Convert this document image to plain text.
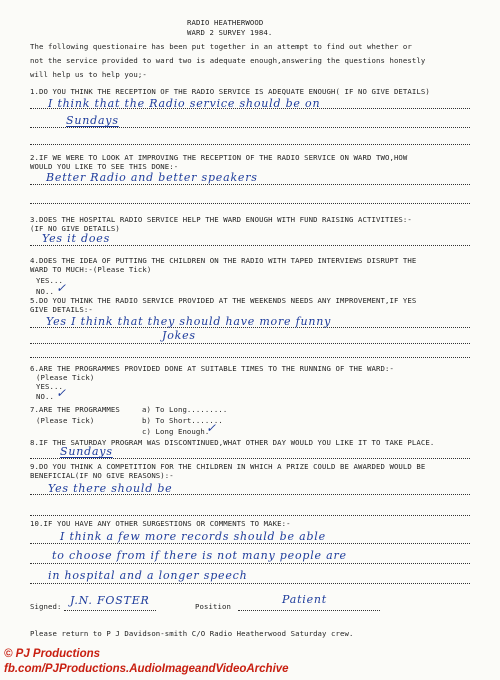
RADIO HEATHERWOOD
WARD 2 SURVEY 1984.
The following questionaire has been put together in an attempt to find out whether or
not the service provided to ward two is adequate enough,answering the questions honestly
will help us to help you;-
1.DO YOU THINK THE RECEPTION OF THE RADIO SERVICE IS ADEQUATE ENOUGH( IF NO GIVE DETAILS)
I think that the Radio service should be on
Sundays
2.IF WE WERE TO LOOK AT IMPROVING THE RECEPTION OF THE RADIO SERVICE ON WARD TWO,HOW
WOULD YOU LIKE TO SEE THIS DONE:-
Better Radio and better speakers
3.DOES THE HOSPITAL RADIO SERVICE HELP THE WARD ENOUGH WITH FUND RAISING ACTIVITIES:-
(IF NO GIVE DETAILS)
Yes it does
4.DOES THE IDEA OF PUTTING THE CHILDREN ON THE RADIO WITH TAPED INTERVIEWS DISRUPT THE
WARD TO MUCH:-(Please Tick)
YES...
NO.. ✓
5.DO YOU THINK THE RADIO SERVICE PROVIDED AT THE WEEKENDS NEEDS ANY IMPROVEMENT,IF YES
GIVE DETAILS:-
Yes I think that they should have more funny
Jokes
6.ARE THE PROGRAMMES PROVIDED DONE AT SUITABLE TIMES TO THE RUNNING OF THE WARD:-
(Please Tick)
YES...
NO.. ✓
7.ARE THE PROGRAMMES	a) To Long.........
(Please Tick)	b) To Short.......
c) Long Enough.
✓
8.IF THE SATURDAY PROGRAM WAS DISCONTINUED,WHAT OTHER DAY WOULD YOU LIKE IT TO TAKE PLACE.
Sundays
9.DO YOU THINK A COMPETITION FOR THE CHILDREN IN WHICH A PRIZE COULD BE AWARDED WOULD BE
BENEFICIAL(IF NO GIVE REASONS):-
Yes there should be
10.IF YOU HAVE ANY OTHER SURGESTIONS OR COMMENTS TO MAKE:-
I think a few more records should be able
to choose from if there is not many people are
in hospital and a longer speech
Signed: J.N. FOSTER	Position
Patient
Please return to P J Davidson-smith C/O Radio Heatherwood Saturday crew.
© PJ Productions
fb.com/PJProductions.AudioImageandVideoArchive
